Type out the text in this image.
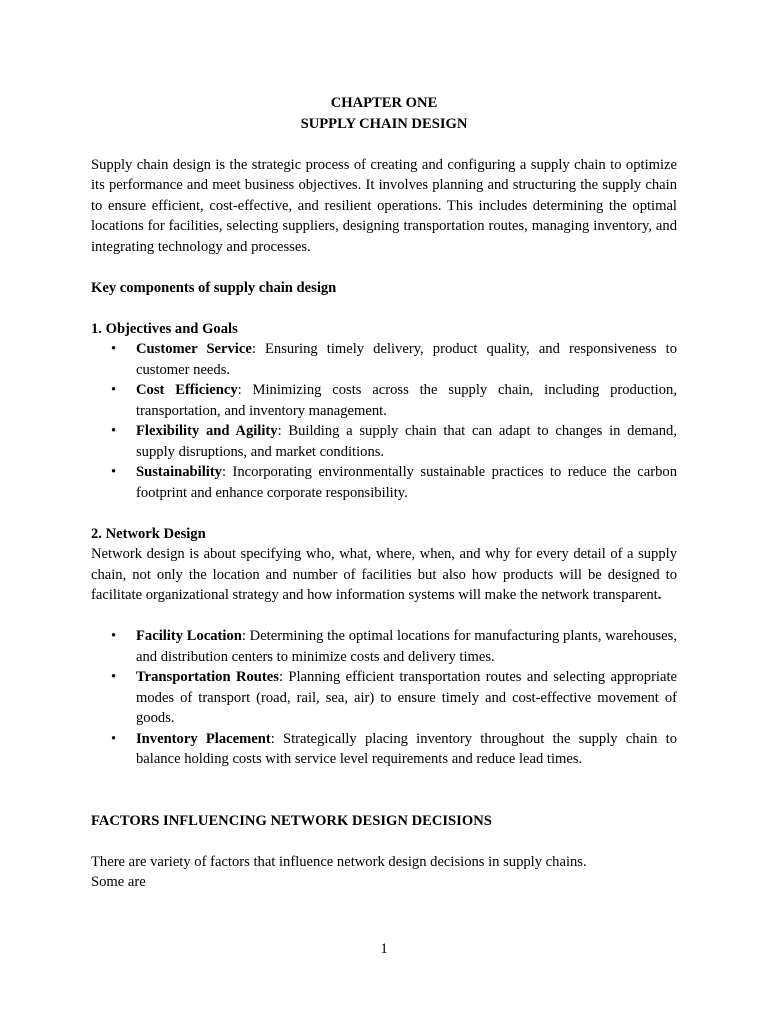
CHAPTER ONE
SUPPLY CHAIN DESIGN

Supply chain design is the strategic process of creating and configuring a supply chain to optimize its performance and meet business objectives. It involves planning and structuring the supply chain to ensure efficient, cost-effective, and resilient operations. This includes determining the optimal locations for facilities, selecting suppliers, designing transportation routes, managing inventory, and integrating technology and processes.

Key components of supply chain design

1. Objectives and Goals

• Customer Service: Ensuring timely delivery, product quality, and responsiveness to customer needs.
• Cost Efficiency: Minimizing costs across the supply chain, including production, transportation, and inventory management.
• Flexibility and Agility: Building a supply chain that can adapt to changes in demand, supply disruptions, and market conditions.
• Sustainability: Incorporating environmentally sustainable practices to reduce the carbon footprint and enhance corporate responsibility.

2. Network Design

Network design is about specifying who, what, where, when, and why for every detail of a supply chain, not only the location and number of facilities but also how products will be designed to facilitate organizational strategy and how information systems will make the network transparent.

• Facility Location: Determining the optimal locations for manufacturing plants, warehouses, and distribution centers to minimize costs and delivery times.
• Transportation Routes: Planning efficient transportation routes and selecting appropriate modes of transport (road, rail, sea, air) to ensure timely and cost-effective movement of goods.
• Inventory Placement: Strategically placing inventory throughout the supply chain to balance holding costs with service level requirements and reduce lead times.

FACTORS INFLUENCING NETWORK DESIGN DECISIONS

There are variety of factors that influence network design decisions in supply chains.

Some are

1
